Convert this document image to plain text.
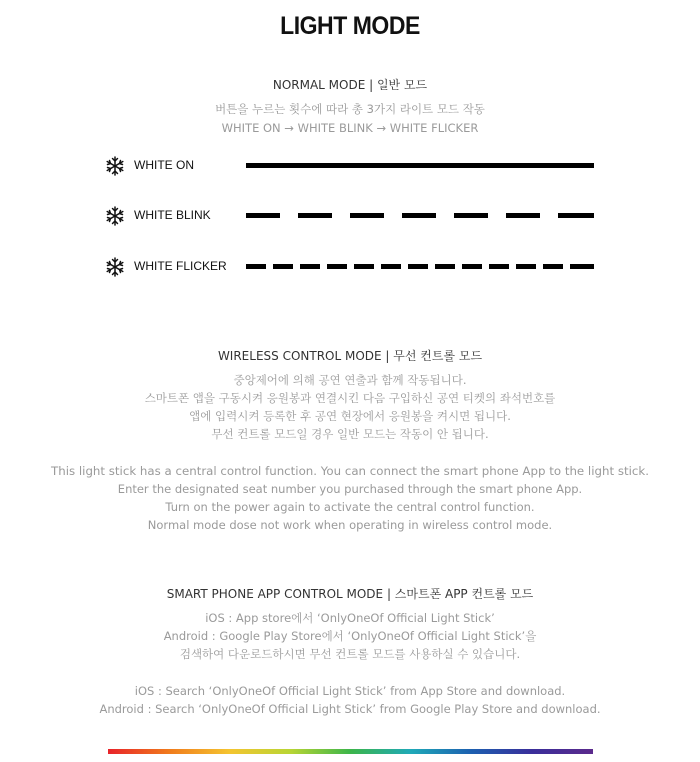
LIGHT MODE
NORMAL MODE | 일반 모드
버튼을 누르는 횟수에 따라 총 3가지 라이트 모드 작동
WHITE ON → WHITE BLINK → WHITE FLICKER
WHITE ON
WHITE BLINK
WHITE FLICKER
WIRELESS CONTROL MODE | 무선 컨트롤 모드
중앙제어에 의해 공연 연출과 함께 작동됩니다.
스마트폰 앱을 구동시켜 응원봉과 연결시킨 다음 구입하신 공연 티켓의 좌석번호를
앱에 입력시켜 등록한 후 공연 현장에서 응원봉을 켜시면 됩니다.
무선 컨트롤 모드일 경우 일반 모드는 작동이 안 됩니다.
This light stick has a central control function. You can connect the smart phone App to the light stick.
Enter the designated seat number you purchased through the smart phone App.
Turn on the power again to activate the central control function.
Normal mode dose not work when operating in wireless control mode.
SMART PHONE APP CONTROL MODE | 스마트폰 APP 컨트롤 모드
iOS : App store에서 ‘OnlyOneOf Official Light Stick’
Android : Google Play Store에서 ‘OnlyOneOf Official Light Stick’을
검색하여 다운로드하시면 무선 컨트롤 모드를 사용하실 수 있습니다.
iOS : Search ‘OnlyOneOf Official Light Stick’ from App Store and download.
Android : Search ‘OnlyOneOf Official Light Stick’ from Google Play Store and download.
